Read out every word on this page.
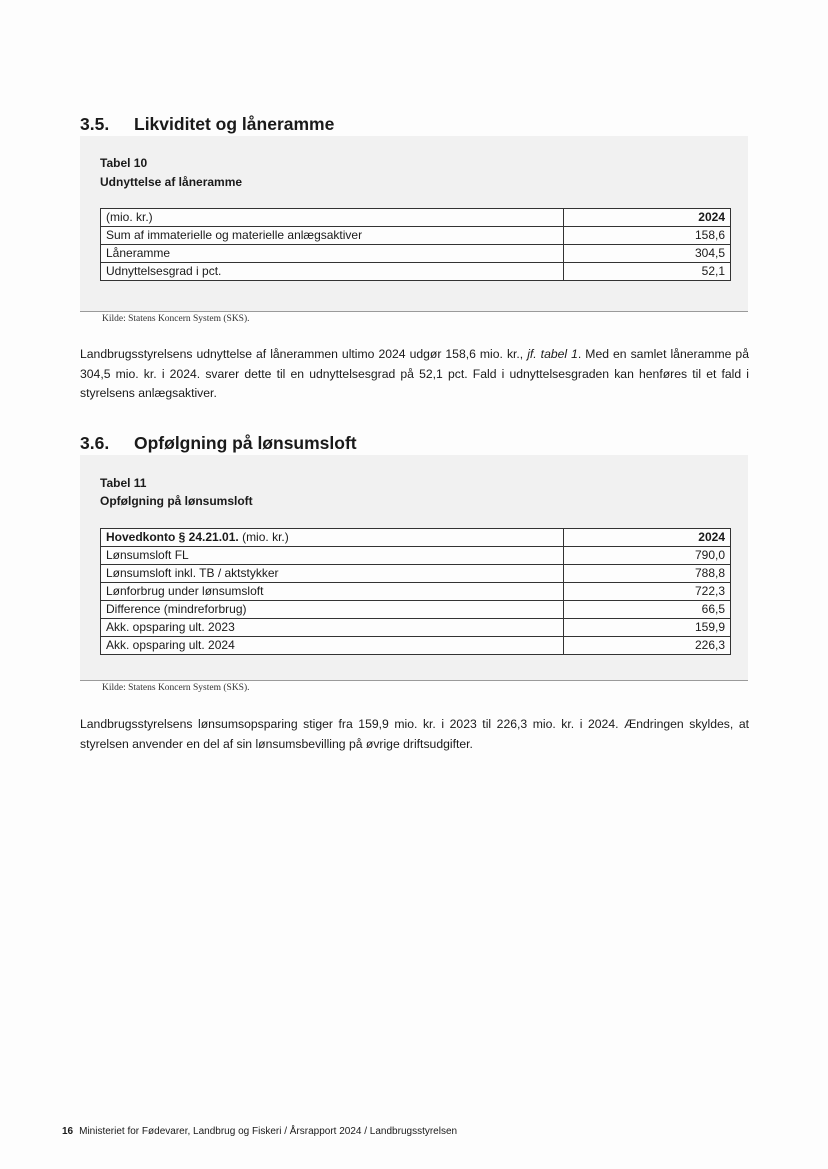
3.5. Likviditet og låneramme
Tabel 10
Udnyttelse af låneramme
(mio. kr.)	2024
Sum af immaterielle og materielle anlægsaktiver	158,6
Låneramme	304,5
Udnyttelsesgrad i pct.	52,1
Kilde: Statens Koncern System (SKS).
Landbrugsstyrelsens udnyttelse af lånerammen ultimo 2024 udgør 158,6 mio. kr., jf. tabel 1. Med en samlet låneramme på 304,5 mio. kr. i 2024. svarer dette til en udnyttelsesgrad på 52,1 pct. Fald i udnyttelsesgraden kan henføres til et fald i styrelsens anlægsaktiver.
3.6. Opfølgning på lønsumsloft
Tabel 11
Opfølgning på lønsumsloft
Hovedkonto § 24.21.01. (mio. kr.)	2024
Lønsumsloft FL	790,0
Lønsumsloft inkl. TB / aktstykker	788,8
Lønforbrug under lønsumsloft	722,3
Difference (mindreforbrug)	66,5
Akk. opsparing ult. 2023	159,9
Akk. opsparing ult. 2024	226,3
Kilde: Statens Koncern System (SKS).
Landbrugsstyrelsens lønsumsopsparing stiger fra 159,9 mio. kr. i 2023 til 226,3 mio. kr. i 2024. Ændringen skyldes, at styrelsen anvender en del af sin lønsumsbevilling på øvrige driftsudgifter.
16 Ministeriet for Fødevarer, Landbrug og Fiskeri / Årsrapport 2024 / Landbrugsstyrelsen
